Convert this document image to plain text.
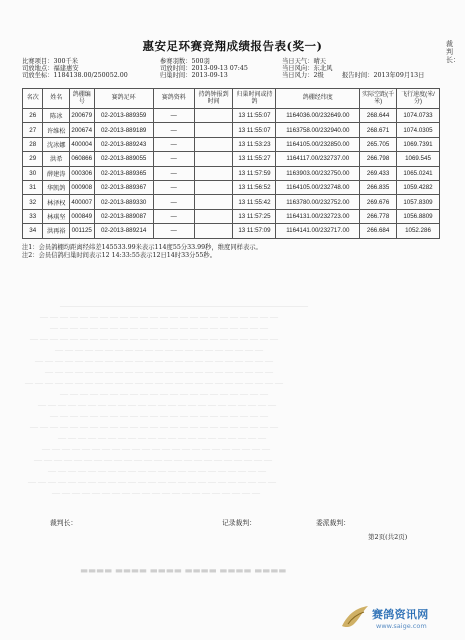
裁判长：
惠安足环赛竞翔成绩报告表(奖一)
比赛项目：300千米
司放地点：福建惠安
司放坐标：1184138.00/250052.00
参赛羽数：500羽
司放时间：2013-09-13 07:45
归巢时间：2013-09-13
当日天气：晴天
当日风向：东北风
当日风力：2级	报告时间：2013年09月13日
名次	姓名	鸽棚编号	赛鸽足环	赛鸽资料	持鸽钟报到时间	归巢时间或持鸽	鸽棚经纬度	实际空距(千米)	飞行速度(米/分)
26	陈冰	200679	02-2013-889359	—		13 11:55:07	1164036.00/232649.00	268.644	1074.0733
27	许维松	200674	02-2013-889189	—		13 11:55:07	1163758.00/232940.00	268.671	1074.0305
28	沈冰娜	400004	02-2013-889243	—		13 11:53:23	1164105.00/232850.00	265.705	1069.7391
29	洪希	060866	02-2013-889055	—		13 11:55:27	1164117.00/232737.00	266.798	1069.545
30	薛建涛	000306	02-2013-889365	—		13 11:57:59	1163903.00/232750.00	269.433	1065.0241
31	华凯鸽	000908	02-2013-889367	—		13 11:56:52	1164105.00/232748.00	266.835	1059.4282
32	林泽权	400007	02-2013-889330	—		13 11:55:42	1163780.00/232752.00	269.676	1057.8309
33	林琪坚	000849	02-2013-889087	—		13 11:57:25	1164131.00/232723.00	266.778	1056.8809
34	洪再裕	001125	02-2013-889214	—		13 11:57:09	1164141.00/232717.00	266.684	1052.286
注1：会员鸽棚均距离经纬差145533.99米表示114度55分33.99秒，维度同样表示。
注2：会员信鸽归巢时间表示12 14:33:55表示12日14时33分55秒。
———————————————————————————————
— — — — — — — — — — — — — — — — — — — — — — — —
— — — — — — — — — — — — — — — — — — — — — —
— — — — — — — — — — — — — — — — — — — — — — — — —
— — — — — — — — — — — — — — — — — — — — —
— — — — — — — — — — — — — — — — — — — — — — — —
— — — — — — — — — — — — — — — — — — — — — — —
— — — — — — — — — — — — — — — — — — — — — — — — — —
— — — — — — — — — — — — — — — — — — — — —
— — — — — — — — — — — — — — — — — — — — — — — —
— — — — — — — — — — — — — — — — — — — — — —
— — — — — — — — — — — — — — — — — — — — — — — — —
— — — — — — — — — — — — — — — — — — — — —
— — — — — — — — — — — — — — — — — — — — — — —
— — — — — — — — — — — — — — — — — — — — — — — —
— — — — — — — — — — — — — — — — — — — — — —
— — — — — — — — — — — — — — — — — — — — — — — — —
— — — — — — — — — — — — — — — — — — — — —
裁判长：	记录裁判：	委派裁判：
第2页(共2页)
▬▬▬▬ ▬▬▬▬ ▬▬▬▬ ▬▬▬▬ ▬▬▬▬ ▬▬▬▬
赛鸽资讯网
www.saige.com
